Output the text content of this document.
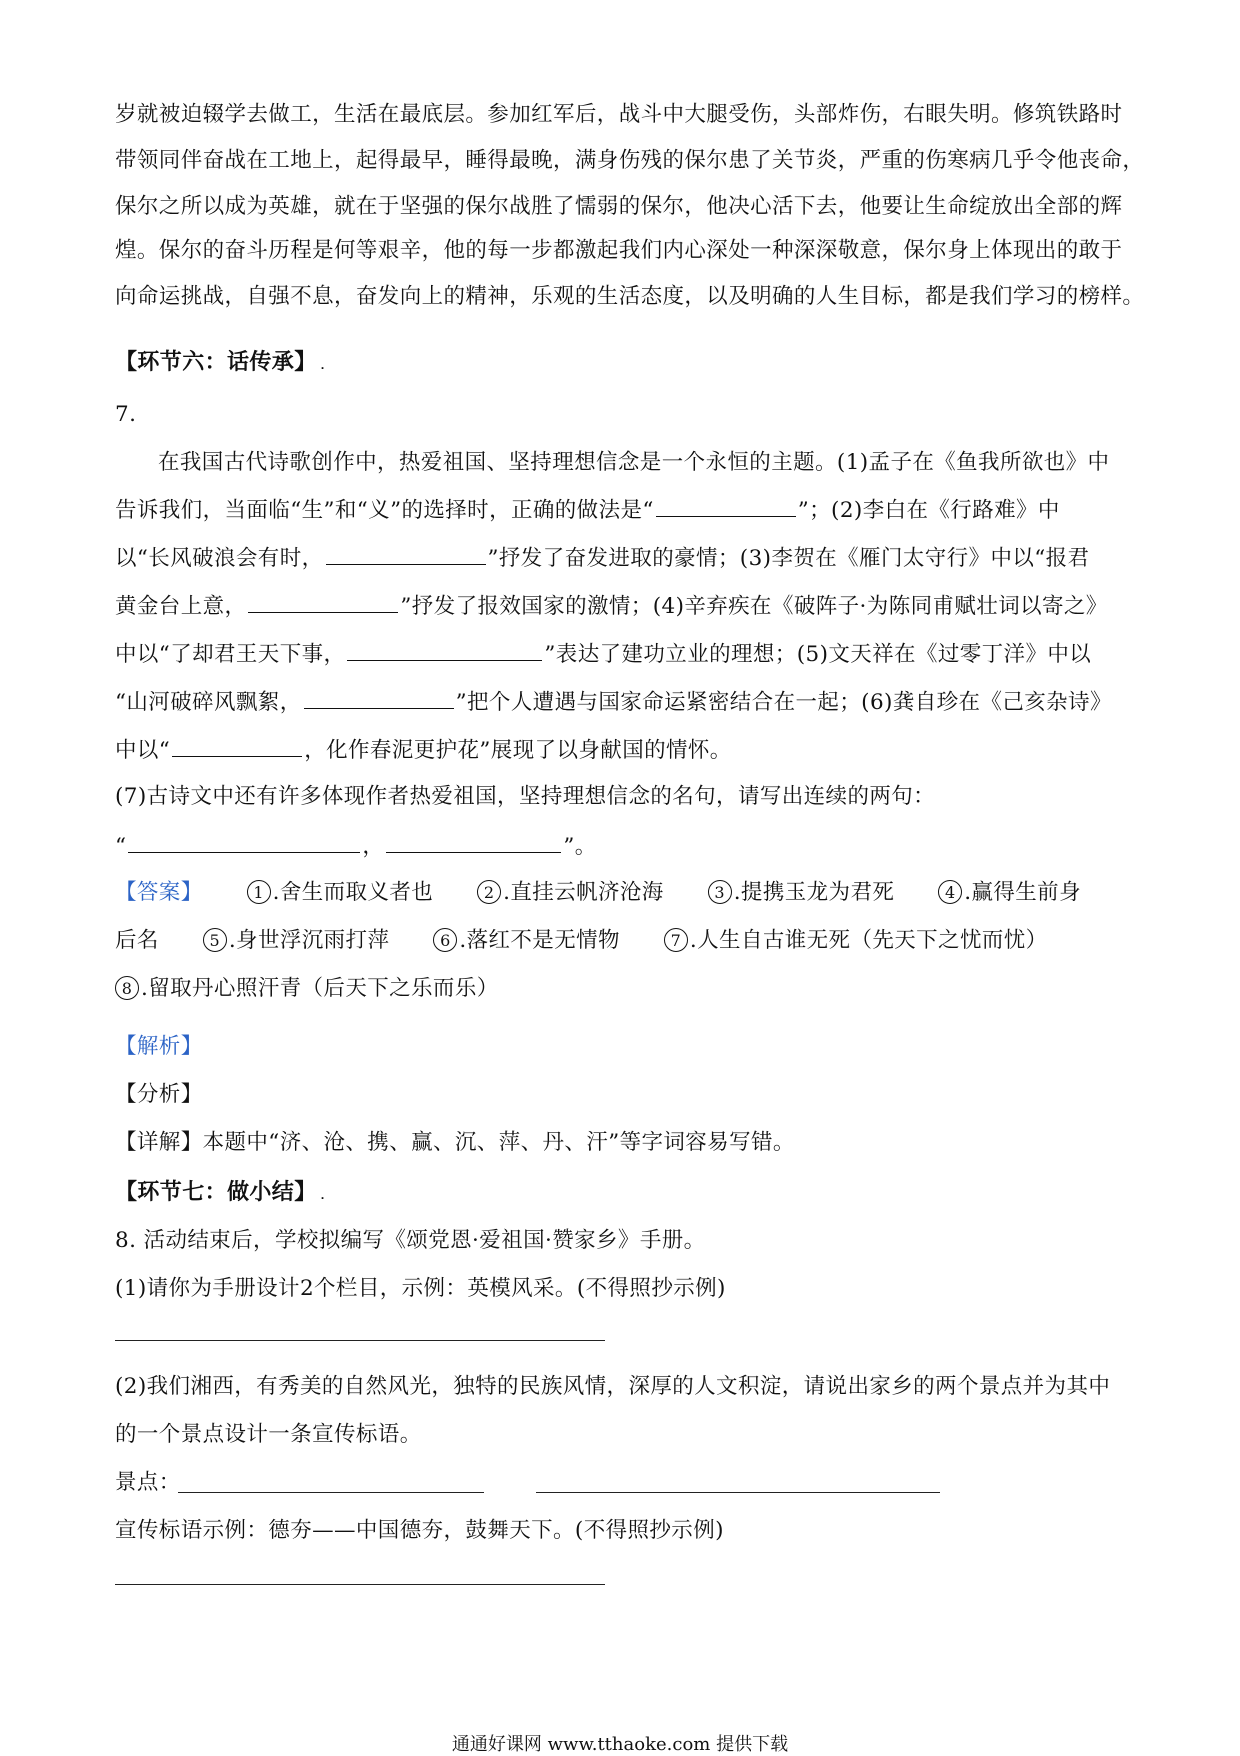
岁就被迫辍学去做工，生活在最底层。参加红军后，战斗中大腿受伤，头部炸伤，右眼失明。修筑铁路时
带领同伴奋战在工地上，起得最早，睡得最晚，满身伤残的保尔患了关节炎，严重的伤寒病几乎令他丧命，
保尔之所以成为英雄，就在于坚强的保尔战胜了懦弱的保尔，他决心活下去，他要让生命绽放出全部的辉
煌。保尔的奋斗历程是何等艰辛，他的每一步都激起我们内心深处一种深深敬意，保尔身上体现出的敢于
向命运挑战，自强不息，奋发向上的精神，乐观的生活态度，以及明确的人生目标，都是我们学习的榜样。
【环节六：话传承】 .
7.
在我国古代诗歌创作中，热爱祖国、坚持理想信念是一个永恒的主题。(1)孟子在《鱼我所欲也》中
告诉我们，当面临“生”和“义”的选择时，正确的做法是“	”；(2)李白在《行路难》中
以“长风破浪会有时，	”抒发了奋发进取的豪情；(3)李贺在《雁门太守行》中以“报君
黄金台上意，	”抒发了报效国家的激情；(4)辛弃疾在《破阵子·为陈同甫赋壮词以寄之》
中以“了却君王天下事，	”表达了建功立业的理想；(5)文天祥在《过零丁洋》中以
“山河破碎风飘絮，	”把个人遭遇与国家命运紧密结合在一起；(6)龚自珍在《己亥杂诗》
中以“	，化作春泥更护花”展现了以身献国的情怀。
(7)古诗文中还有许多体现作者热爱祖国，坚持理想信念的名句，请写出连续的两句：
“	，	”。
【答案】	1 .舍生而取义者也	2 .直挂云帆济沧海	3 .提携玉龙为君死	4 .赢得生前身
后名	5 .身世浮沉雨打萍	6 .落红不是无情物	7 .人生自古谁无死（先天下之忧而忧）
8 .留取丹心照汗青（后天下之乐而乐）
【解析】
【分析】
【详解】本题中“济、沧、携、赢、沉、萍、丹、汗”等字词容易写错。
【环节七：做小结】 .
8. 活动结束后，学校拟编写《颂党恩·爱祖国·赞家乡》手册。
(1)请你为手册设计2个栏目，示例：英模风采。(不得照抄示例)
(2)我们湘西，有秀美的自然风光，独特的民族风情，深厚的人文积淀，请说出家乡的两个景点并为其中
的一个景点设计一条宣传标语。
景点：
宣传标语示例：德夯——中国德夯，鼓舞天下。(不得照抄示例)
通通好课网 www.tthaoke.com 提供下载
